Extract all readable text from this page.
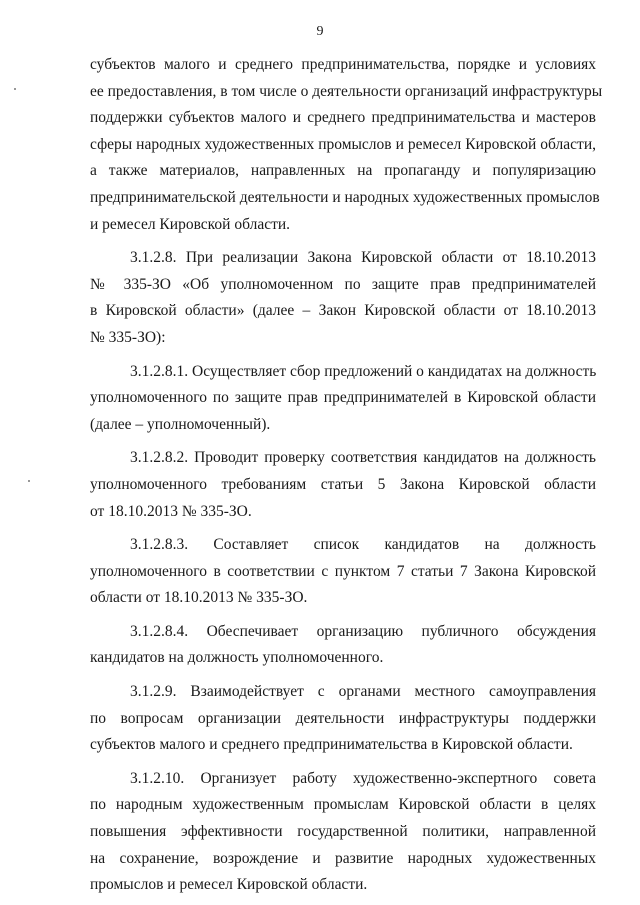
9
субъектов малого и среднего предпринимательства, порядке и условиях
ее предоставления, в том числе о деятельности организаций инфраструктуры
поддержки субъектов малого и среднего предпринимательства и мастеров
сферы народных художественных промыслов и ремесел Кировской области,
а также материалов, направленных на пропаганду и популяризацию
предпринимательской деятельности и народных художественных промыслов
и ремесел Кировской области.
3.1.2.8. При реализации Закона Кировской области от 18.10.2013
№ 335-ЗО «Об уполномоченном по защите прав предпринимателей
в Кировской области» (далее – Закон Кировской области от 18.10.2013
№ 335-ЗО):
3.1.2.8.1. Осуществляет сбор предложений о кандидатах на должность
уполномоченного по защите прав предпринимателей в Кировской области
(далее – уполномоченный).
3.1.2.8.2. Проводит проверку соответствия кандидатов на должность
уполномоченного требованиям статьи 5 Закона Кировской области
от 18.10.2013 № 335-ЗО.
3.1.2.8.3. Составляет список кандидатов на должность
уполномоченного в соответствии с пунктом 7 статьи 7 Закона Кировской
области от 18.10.2013 № 335-ЗО.
3.1.2.8.4. Обеспечивает организацию публичного обсуждения
кандидатов на должность уполномоченного.
3.1.2.9. Взаимодействует с органами местного самоуправления
по вопросам организации деятельности инфраструктуры поддержки
субъектов малого и среднего предпринимательства в Кировской области.
3.1.2.10. Организует работу художественно-экспертного совета
по народным художественным промыслам Кировской области в целях
повышения эффективности государственной политики, направленной
на сохранение, возрождение и развитие народных художественных
промыслов и ремесел Кировской области.
